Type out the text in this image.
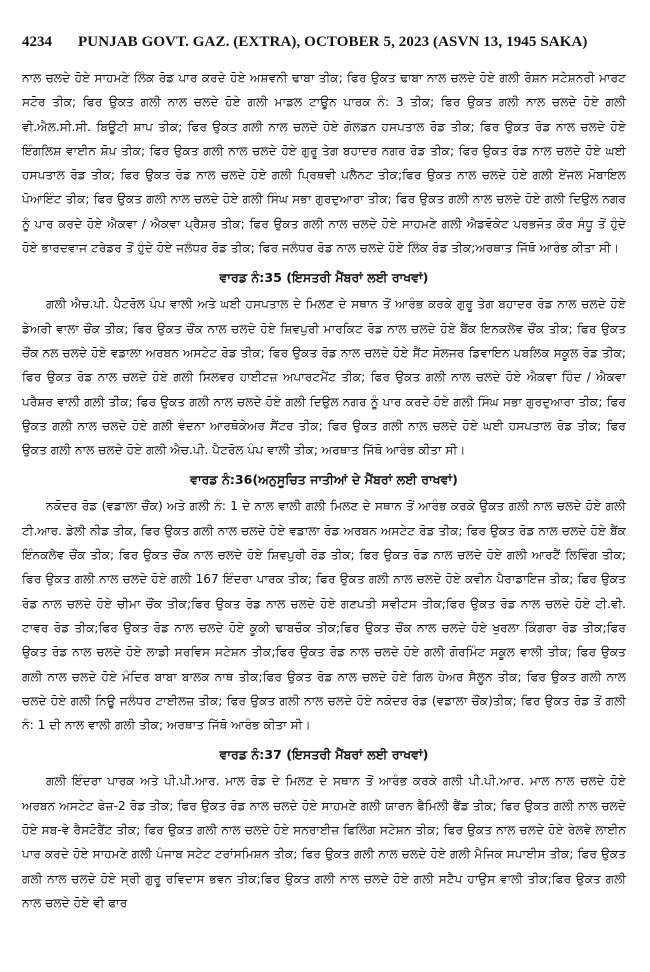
4234 PUNJAB GOVT. GAZ. (EXTRA), OCTOBER 5, 2023 (ASVN 13, 1945 SAKA)

ਨਾਲ ਚਲਦੇ ਹੋਏ ਸਾਹਮਣੇ ਲਿੰਕ ਰੋਡ ਪਾਰ ਕਰਦੇ ਹੋਏ ਅਸ਼ਵਨੀ ਢਾਬਾ ਤੀਕ; ਫਿਰ ਉਕਤ ਢਾਬਾ ਨਾਲ ਚਲਦੇ ਹੋਏ ਗਲੀ ਰੋਸ਼ਨ ਸਟੇਸ਼ਨਰੀ ਮਾਰਟ ਸਟੋਰ ਤੀਕ; ਫਿਰ ਉਕਤ ਗਲੀ ਨਾਲ ਚਲਦੇ ਹੋਏ ਗਲੀ ਮਾਡਲ ਟਾਊਨ ਪਾਰਕ ਨੰ: 3 ਤੀਕ; ਫਿਰ ਉਕਤ ਗਲੀ ਨਾਲ ਚਲਦੇ ਹੋਏ ਗਲੀ ਵੀ.ਐਲ.ਸੀ.ਸੀ. ਬਿਊਟੀ ਸ਼ਾਪ ਤੀਕ; ਫਿਰ ਉਕਤ ਗਲੀ ਨਾਲ ਚਲਦੇ ਹੋਏ ਗੋਲਡਨ ਹਸਪਤਾਲ ਰੋਡ ਤੀਕ; ਫਿਰ ਉਕਤ ਰੋਡ ਨਾਲ ਚਲਦੇ ਹੋਏ ਇੰਗਲਿਸ਼ ਵਾਈਨ ਸ਼ੋਪ ਤੀਕ; ਫਿਰ ਉਕਤ ਗਲੀ ਨਾਲ ਚਲਦੇ ਹੋਏ ਗੁਰੂ ਤੇਗ ਬਹਾਦਰ ਨਗਰ ਰੋਡ ਤੀਕ; ਫਿਰ ਉਕਤ ਰੋਡ ਨਾਲ ਚਲਦੇ ਹੋਏ ਘਈ ਹਸਪਤਾਲ ਰੋਡ ਤੀਕ; ਫਿਰ ਉਕਤ ਰੋਡ ਨਾਲ ਚਲਦੇ ਹੋਏ ਗਲੀ ਪ੍ਰਿਥਵੀ ਪਲੈਨਟ ਤੀਕ;ਫਿਰ ਉਕਤ ਨਾਲ ਚਲਦੇ ਹੋਏ ਗਲੀ ਏਂਜਲ ਮੋਬਾਇਲ ਪੋਆਇੰਟ ਤੀਕ; ਫਿਰ ਉਕਤ ਗਲੀ ਨਾਲ ਚਲਦੇ ਹੋਏ ਗਲੀ ਸਿੰਘ ਸਭਾ ਗੁਰਦੁਆਰਾ ਤੀਕ; ਫਿਰ ਉਕਤ ਗਲੀ ਨਾਲ ਚਲਦੇ ਹੋਏ ਗਲੀ ਦਿਉਲ ਨਗਰ ਨੂੰ ਪਾਰ ਕਰਦੇ ਹੋਏ ਐਕਵਾ / ਐਕਵਾ ਪ੍ਰੈਸ਼ਰ ਤੀਕ; ਫਿਰ ਉਕਤ ਗਲੀ ਨਾਲ ਚਲਦੇ ਹੋਏ ਸਾਹਮਣੇ ਗਲੀ ਐਡਵੋਕੇਟ ਪਰਭਜੋਤ ਕੌਰ ਸੰਧੂ ਤੋਂ ਹੁੰਦੇ ਹੋਏ ਭਾਰਦਵਾਜ ਟਰੇਡਰ ਤੋਂ ਹੁੰਦੇ ਹੋਏ ਜਲੰਧਰ ਰੋਡ ਤੀਕ; ਫਿਰ ਜਲੰਧਰ ਰੋਡ ਨਾਲ ਚਲਦੇ ਹੋਏ ਲਿੰਕ ਰੋਡ ਤੀਕ;ਅਰਥਾਤ ਜਿੱਥੋ ਆਰੰਭ ਕੀਤਾ ਸੀ।

ਵਾਰਡ ਨੰ:35 (ਇਸਤਰੀ ਮੈਂਬਰਾਂ ਲਈ ਰਾਖਵਾਂ)

ਗਲੀ ਐਚ.ਪੀ. ਪੈਟਰੋਲ ਪੰਪ ਵਾਲੀ ਅਤੇ ਘਈ ਹਸਪਤਾਲ ਦੇ ਮਿਲਣ ਦੇ ਸਥਾਨ ਤੋਂ ਆਰੰਭ ਕਰਕੇ ਗੁਰੂ ਤੇਗ ਬਹਾਦਰ ਰੋਡ ਨਾਲ ਚਲਦੇ ਹੋਏ ਡੇਅਰੀ ਵਾਲਾ ਚੌਂਕ ਤੀਕ; ਫਿਰ ਉਕਤ ਚੌਂਕ ਨਾਲ ਚਲਦੇ ਹੋਏ ਸ਼ਿਵਪੁਰੀ ਮਾਰਕਿਟ ਰੋਡ ਨਾਲ ਚਲਦੇ ਹੋਏ ਬੈਂਕ ਇਨਕਲੇਵ ਚੌਂਕ ਤੀਕ; ਫਿਰ ਉਕਤ ਚੌਂਕ ਨਲ ਚਲਦੇ ਹੋਏ ਵਡਾਲਾ ਅਰਬਨ ਅਸਟੇਟ ਰੋਡ ਤੀਕ; ਫਿਰ ਉਕਤ ਰੋਡ ਨਾਲ ਚਲਦੇ ਹੋਏ ਸੈਂਟ ਸੋਲਜਰ ਡਿਵਾਇਨ ਪਬਲਿਕ ਸਕੂਲ ਰੋਡ ਤੀਕ; ਫਿਰ ਉਕਤ ਰੋਡ ਨਾਲ ਚਲਦੇ ਹੋਏ ਗਲੀ ਸਿਲਵਰ ਹਾਈਟਜ਼ ਅਪਾਰਟਮੈਂਟ ਤੀਕ; ਫਿਰ ਉਕਤ ਗਲੀ ਨਾਲ ਚਲਦੇ ਹੋਏ ਐਕਵਾ ਹਿੰਦ / ਐਕਵਾ ਪਰੈਸ਼ਰ ਵਾਲੀ ਗਲੀ ਤੀਕ; ਫਿਰ ਉਕਤ ਗਲੀ ਨਾਲ ਚਲਦੇ ਹੋਏ ਗਲੀ ਦਿਉਲ ਨਗਰ ਨੂੰ ਪਾਰ ਕਰਦੇ ਹੋਏ ਗਲੀ ਸਿੰਘ ਸਭਾ ਗੁਰਦੁਆਰਾ ਤੀਕ; ਫਿਰ ਉਕਤ ਗਲੀ ਨਾਲ ਚਲਦੇ ਹੋਏ ਗਲੀ ਵੰਦਨਾ ਆਰਥੋਕੇਅਰ ਸੈਂਟਰ ਤੀਕ; ਫਿਰ ਉਕਤ ਗਲੀ ਨਾਲ ਚਲਦੇ ਹੋਏ ਘਈ ਹਸਪਤਾਲ ਰੋਡ ਤੀਕ; ਫਿਰ ਉਕਤ ਗਲੀ ਨਾਲ ਚਲਦੇ ਹੋਏ ਗਲੀ ਐਚ.ਪੀ. ਪੈਟਰੋਲ ਪੰਪ ਵਾਲੀ ਤੀਕ; ਅਰਥਾਤ ਜਿੱਥੋ ਆਰੰਭ ਕੀਤਾ ਸੀ।

ਵਾਰਡ ਨੰ:36(ਅਨੁਸੂਚਿਤ ਜਾਤੀਆਂ ਦੇ ਮੈਂਬਰਾਂ ਲਈ ਰਾਖਵਾਂ)

ਨਕੋਦਰ ਰੋਡ (ਵਡਾਲਾ ਚੌਂਕ) ਅਤੇ ਗਲੀ ਨੰ: 1 ਦੇ ਨਾਲ ਵਾਲੀ ਗਲੀ ਮਿਲਣ ਦੇ ਸਥਾਨ ਤੋਂ ਆਰੰਭ ਕਰਕੇ ਉਕਤ ਗਲੀ ਨਾਲ ਚਲਦੇ ਹੋਏ ਗਲੀ ਟੀ.ਆਰ. ਡੇਲੀ ਨੀਡ ਤੀਕ, ਫਿਰ ਉਕਤ ਗਲੀ ਨਾਲ ਚਲਦੇ ਹੋਏ ਵਡਾਲਾ ਰੋਡ ਅਰਬਨ ਅਸਟੇਟ ਰੋਡ ਤੀਕ; ਫਿਰ ਉਕਤ ਰੋਡ ਨਾਲ ਚਲਦੇ ਹੋਏ ਬੈਂਕ ਇੰਨਕਲੇਵ ਚੌਂਕ ਤੀਕ; ਫਿਰ ਉਕਤ ਚੌਂਕ ਨਾਲ ਚਲਦੇ ਹੋਏ ਸ਼ਿਵਪੁਰੀ ਰੋਡ ਤੀਕ; ਫਿਰ ਉਕਤ ਰੋਡ ਨਾਲ ਚਲਦੇ ਹੋਏ ਗਲੀ ਆਰਟੈਂ ਲਿਵਿੰਗ ਤੀਕ; ਫਿਰ ਉਕਤ ਗਲੀ ਨਾਲ ਚਲਦੇ ਹੋਏ ਗਲੀ 167 ਇੰਦਰਾ ਪਾਰਕ ਤੀਕ; ਫਿਰ ਉਕਤ ਗਲੀ ਨਾਲ ਚਲਦੇ ਹੋਏ ਕਵੀਨ ਪੈਰਾਡਾਇਜ ਤੀਕ; ਫਿਰ ਉਕਤ ਰੋਡ ਨਾਲ ਚਲਦੇ ਹੋਏ ਚੀਮਾ ਚੌਂਕ ਤੀਕ;ਫਿਰ ਉਕਤ ਰੋਡ ਨਾਲ ਚਲਦੇ ਹੋਏ ਗਣਪਤੀ ਸਵੀਟਸ ਤੀਕ;ਫਿਰ ਉਕਤ ਰੋਡ ਨਾਲ ਚਲਦੇ ਹੋਏ ਟੀ.ਵੀ. ਟਾਵਰ ਰੋਡ ਤੀਕ;ਫਿਰ ਉਕਤ ਰੋਡ ਨਾਲ ਚਲਦੇ ਹੋਏ ਕੂਕੀ ਢਾਬਚੌਕ ਤੀਕ;ਫਿਰ ਉਕਤ ਚੌਂਕ ਨਾਲ ਚਲਦੇ ਹੋਏ ਖੁਰਲਾ ਕਿੰਗਰਾ ਰੋਡ ਤੀਕ;ਫਿਰ ਉਕਤ ਰੋਡ ਨਾਲ ਚਲਦੇ ਹੋਏ ਲਾਡੀ ਸਰਵਿਸ ਸਟੇਸ਼ਨ ਤੀਕ;ਫਿਰ ਉਕਤ ਰੋਡ ਨਾਲ ਚਲਦੇ ਹੋਏ ਗਲੀ ਗੋਰਮਿੰਟ ਸਕੂਲ ਵਾਲੀ ਤੀਕ; ਫਿਰ ਉਕਤ ਗਲੀ ਨਾਲ ਚਲਦੇ ਹੋਏ ਮੰਦਿਰ ਬਾਬਾ ਬਾਲਕ ਨਾਥ ਤੀਕ;ਫਿਰ ਉਕਤ ਰੋਡ ਨਾਲ ਚਲਦੇ ਹੋਏ ਗਿਲ ਹੇਅਰ ਸੈਲੂਨ ਤੀਕ; ਫਿਰ ਉਕਤ ਗਲੀ ਨਾਲ ਚਲਦੇ ਹੋਏ ਗਲੀ ਨਿਊ ਜਲੰਧਰ ਟਾਈਲਜ਼ ਤੀਕ; ਫਿਰ ਉਕਤ ਗਲੀ ਨਾਲ ਚਲਦੇ ਹੋਏ ਨਕੋਦਰ ਰੋਡ (ਵਡਾਲਾ ਚੌਂਕ)ਤੀਕ; ਫਿਰ ਉਕਤ ਰੋਡ ਤੋਂ ਗਲੀ ਨੰ: 1 ਦੀ ਨਾਲ ਵਾਲੀ ਗਲੀ ਤੀਕ; ਅਰਥਾਤ ਜਿੱਥੋ ਆਰੰਭ ਕੀਤਾ ਸੀ।

ਵਾਰਡ ਨੰ:37 (ਇਸਤਰੀ ਮੈਂਬਰਾਂ ਲਈ ਰਾਖਵਾਂ)

ਗਲੀ ਇੰਦਰਾ ਪਾਰਕ ਅਤੇ ਪੀ.ਪੀ.ਆਰ. ਮਾਲ ਰੋਡ ਦੇ ਮਿਲਣ ਦੇ ਸਥਾਨ ਤੋਂ ਆਰੰਭ ਕਰਕੇ ਗਲੀ ਪੀ.ਪੀ.ਆਰ. ਮਾਲ ਨਾਲ ਚਲਦੇ ਹੋਏ ਅਰਬਨ ਅਸਟੇਟ ਫੇਜ਼-2 ਰੋਡ ਤੀਕ; ਫਿਰ ਉਕਤ ਰੋਡ ਨਾਲ ਚਲਦੇ ਹੋਏ ਸਾਹਮਣੇ ਗਲੀ ਯਾਰਨ ਫੈਮਿਲੀ ਫੈਂਡ ਤੀਕ; ਫਿਰ ਉਕਤ ਗਲੀ ਨਾਲ ਚਲਦੇ ਹੋਏ ਸਬ-ਵੇ ਰੈਸਟੋਰੈਂਟ ਤੀਕ; ਫਿਰ ਉਕਤ ਗਲੀ ਨਾਲ ਚਲਦੇ ਹੋਏ ਸਨਰਾਈਜ਼ ਫਿਲਿੰਗ ਸਟੇਸ਼ਨ ਤੀਕ; ਫਿਰ ਉਕਤ ਨਾਲ ਚਲਦੇ ਹੋਏ ਰੇਲਵੇ ਲਾਈਨ ਪਾਰ ਕਰਦੇ ਹੋਏ ਸਾਹਮਣੇ ਗਲੀ ਪੰਜਾਬ ਸਟੇਟ ਟਰਾਂਸਮਿਸ਼ਨ ਤੀਕ; ਫਿਰ ਉਕਤ ਗਲੀ ਨਾਲ ਚਲਦੇ ਹੋਏ ਗਲੀ ਮੈਜਿਕ ਸਪਾਈਸ ਤੀਕ; ਫਿਰ ਉਕਤ ਗਲੀ ਨਾਲ ਚਲਦੇ ਹੋਏ ਸ੍ਰੀ ਗੁਰੂ ਰਵਿਦਾਸ ਭਵਨ ਤੀਕ;ਫਿਰ ਉਕਤ ਗਲੀ ਨਾਲ ਚਲਦੇ ਹੋਏ ਗਲੀ ਸਟੈਪ ਹਾਉਸ ਵਾਲੀ ਤੀਕ;ਫਿਰ ਉਕਤ ਗਲੀ ਨਾਲ ਚਲਦੇ ਹੋਏ ਵੀ ਫਾਰ
